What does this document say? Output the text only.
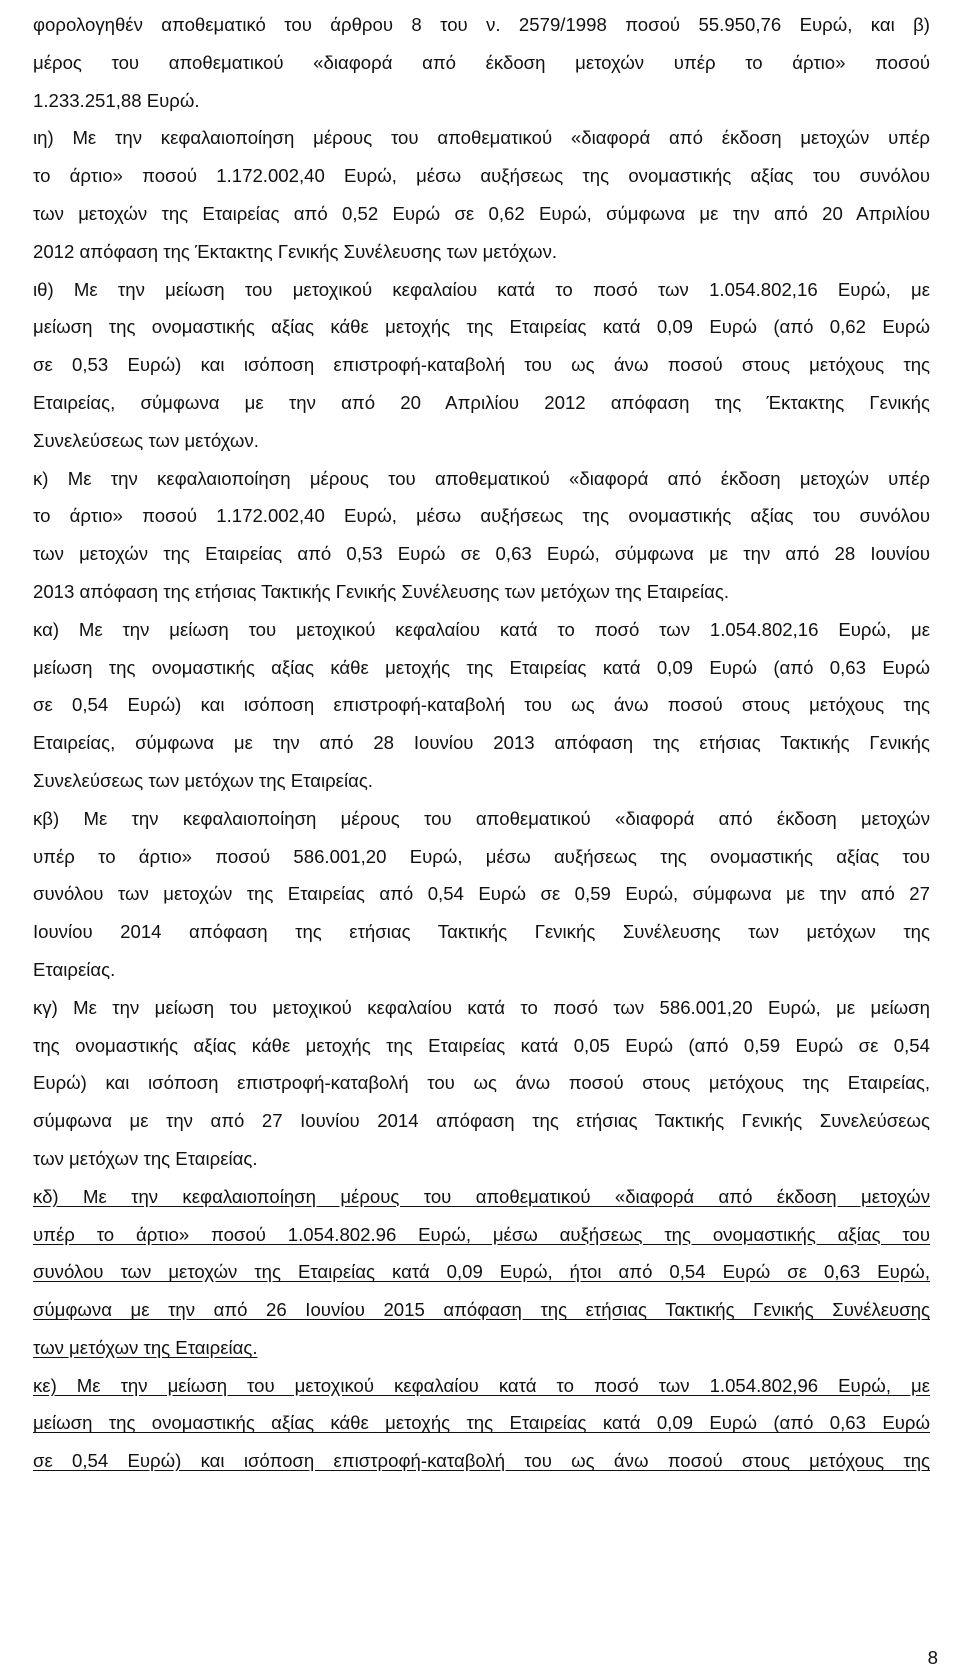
φορολογηθέν αποθεματικό του άρθρου 8 του ν. 2579/1998 ποσού 55.950,76 Ευρώ, και β)
μέρος του αποθεματικού «διαφορά από έκδοση μετοχών υπέρ το άρτιο» ποσού
1.233.251,88 Ευρώ.
ιη) Με την κεφαλαιοποίηση μέρους του αποθεματικού «διαφορά από έκδοση μετοχών υπέρ
το άρτιο» ποσού 1.172.002,40 Ευρώ, μέσω αυξήσεως της ονομαστικής αξίας του συνόλου
των μετοχών της Εταιρείας από 0,52 Ευρώ σε 0,62 Ευρώ, σύμφωνα με την από 20 Απριλίου
2012 απόφαση της Έκτακτης Γενικής Συνέλευσης των μετόχων.
ιθ) Με την μείωση του μετοχικού κεφαλαίου κατά το ποσό των 1.054.802,16 Ευρώ, με
μείωση της ονομαστικής αξίας κάθε μετοχής της Εταιρείας κατά 0,09 Ευρώ (από 0,62 Ευρώ
σε 0,53 Ευρώ) και ισόποση επιστροφή-καταβολή του ως άνω ποσού στους μετόχους της
Εταιρείας, σύμφωνα με την από 20 Απριλίου 2012 απόφαση της Έκτακτης Γενικής
Συνελεύσεως των μετόχων.
κ) Με την κεφαλαιοποίηση μέρους του αποθεματικού «διαφορά από έκδοση μετοχών υπέρ
το άρτιο» ποσού 1.172.002,40 Ευρώ, μέσω αυξήσεως της ονομαστικής αξίας του συνόλου
των μετοχών της Εταιρείας από 0,53 Ευρώ σε 0,63 Ευρώ, σύμφωνα με την από 28 Ιουνίου
2013 απόφαση της ετήσιας Τακτικής Γενικής Συνέλευσης των μετόχων της Εταιρείας.
κα) Με την μείωση του μετοχικού κεφαλαίου κατά το ποσό των 1.054.802,16 Ευρώ, με
μείωση της ονομαστικής αξίας κάθε μετοχής της Εταιρείας κατά 0,09 Ευρώ (από 0,63 Ευρώ
σε 0,54 Ευρώ) και ισόποση επιστροφή-καταβολή του ως άνω ποσού στους μετόχους της
Εταιρείας, σύμφωνα με την από 28 Ιουνίου 2013 απόφαση της ετήσιας Τακτικής Γενικής
Συνελεύσεως των μετόχων της Εταιρείας.
κβ) Με την κεφαλαιοποίηση μέρους του αποθεματικού «διαφορά από έκδοση μετοχών
υπέρ το άρτιο» ποσού 586.001,20 Ευρώ, μέσω αυξήσεως της ονομαστικής αξίας του
συνόλου των μετοχών της Εταιρείας από 0,54 Ευρώ σε 0,59 Ευρώ, σύμφωνα με την από 27
Ιουνίου 2014 απόφαση της ετήσιας Τακτικής Γενικής Συνέλευσης των μετόχων της
Εταιρείας.
κγ) Με την μείωση του μετοχικού κεφαλαίου κατά το ποσό των 586.001,20 Ευρώ, με μείωση
της ονομαστικής αξίας κάθε μετοχής της Εταιρείας κατά 0,05 Ευρώ (από 0,59 Ευρώ σε 0,54
Ευρώ) και ισόποση επιστροφή-καταβολή του ως άνω ποσού στους μετόχους της Εταιρείας,
σύμφωνα με την από 27 Ιουνίου 2014 απόφαση της ετήσιας Τακτικής Γενικής Συνελεύσεως
των μετόχων της Εταιρείας.
κδ) Με την κεφαλαιοποίηση μέρους του αποθεματικού «διαφορά από έκδοση μετοχών
υπέρ το άρτιο» ποσού 1.054.802.96 Ευρώ, μέσω αυξήσεως της ονομαστικής αξίας του
συνόλου των μετοχών της Εταιρείας κατά 0,09 Ευρώ, ήτοι από 0,54 Ευρώ σε 0,63 Ευρώ,
σύμφωνα με την από 26 Ιουνίου 2015 απόφαση της ετήσιας Τακτικής Γενικής Συνέλευσης
των μετόχων της Εταιρείας.
κε) Με την μείωση του μετοχικού κεφαλαίου κατά το ποσό των 1.054.802,96 Ευρώ, με
μείωση της ονομαστικής αξίας κάθε μετοχής της Εταιρείας κατά 0,09 Ευρώ (από 0,63 Ευρώ
σε 0,54 Ευρώ) και ισόποση επιστροφή-καταβολή του ως άνω ποσού στους μετόχους της
8
